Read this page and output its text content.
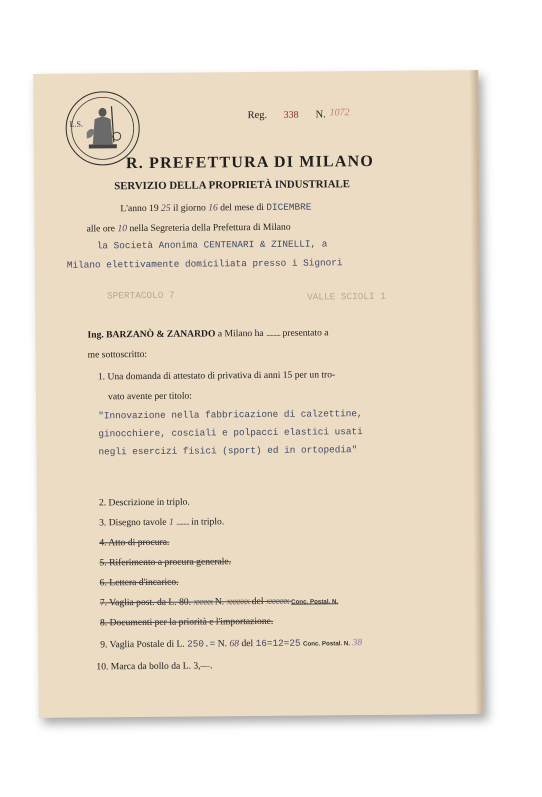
L.S.
Reg. 338 N. 1072
R. PREFETTURA DI MILANO
SERVIZIO DELLA PROPRIETÀ INDUSTRIALE
L'anno 19 25 il giorno 16 del mese di DICEMBRE
alle ore 10 nella Segreteria della Prefettura di Milano
la Società Anonima CENTENARI & ZINELLI, a
Milano elettivamente domiciliata presso i Signori
SPERTACOLO 7	VALLE SCIOLI 1
Ing. BARZANÒ & ZANARDO a Milano ha .......... presentato a
me sottoscritto:
1. Una domanda di attestato di privativa di anni 15 per un tro-
vato avente per titolo:
"Innovazione nella fabbricazione di calzettine,
ginocchiere, cosciali e polpacci elastici usati
negli esercizi fisici (sport) ed in ortopedia"
2. Descrizione in triplo.
3. Disegno tavole 1 ......... in triplo.
4. Atto di procura.
5. Riferimento a procura generale.
6. Lettera d'incarico.
7. Vaglia post. da L. 80. xxxxx N. xxxxxx del xxxxxx Conc. Postal. N.
8. Documenti per la priorità e l'importazione.
9. Vaglia Postale di L. 250.= N. 68 del 16=12=25 Conc. Postal. N. 38
10. Marca da bollo da L. 3,—.
